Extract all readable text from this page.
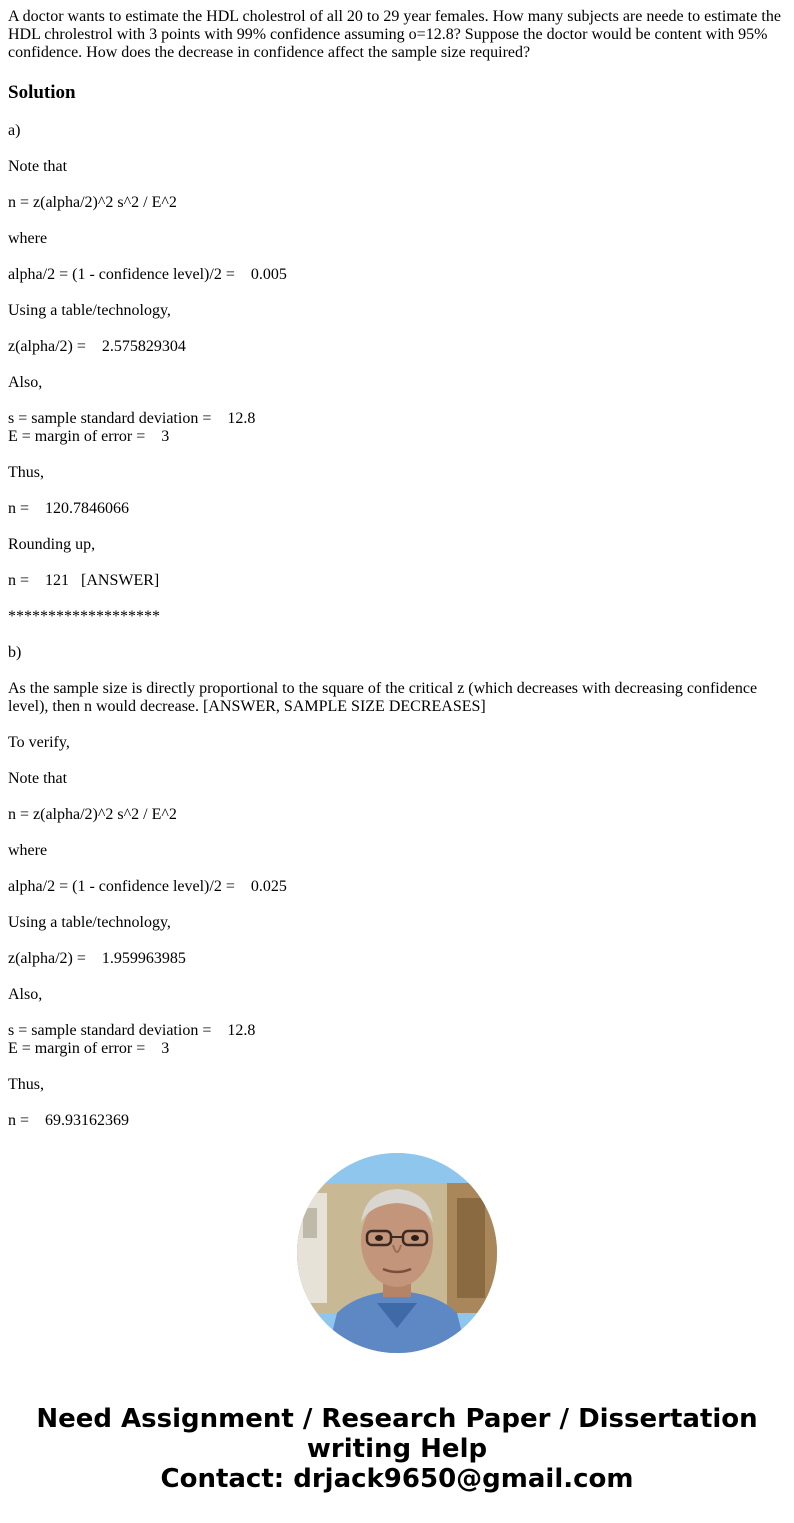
A doctor wants to estimate the HDL cholestrol of all 20 to 29 year females. How many subjects are neede to estimate the HDL chrolestrol with 3 points with 99% confidence assuming o=12.8? Suppose the doctor would be content with 95% confidence. How does the decrease in confidence affect the sample size required?

Solution

a)

Note that

n = z(alpha/2)^2 s^2 / E^2

where

alpha/2 = (1 - confidence level)/2 =    0.005

Using a table/technology,

z(alpha/2) =    2.575829304

Also,

s = sample standard deviation =    12.8

E = margin of error =    3

Thus,

n =    120.7846066

Rounding up,

n =    121   [ANSWER]

*******************

b)

As the sample size is directly proportional to the square of the critical z (which decreases with decreasing confidence level), then n would decrease. [ANSWER, SAMPLE SIZE DECREASES]

To verify,

Note that

n = z(alpha/2)^2 s^2 / E^2

where

alpha/2 = (1 - confidence level)/2 =    0.025

Using a table/technology,

z(alpha/2) =    1.959963985

Also,

s = sample standard deviation =    12.8

E = margin of error =    3

Thus,

n =    69.93162369

Need Assignment / Research Paper / Dissertation
writing Help
Contact: drjack9650@gmail.com
